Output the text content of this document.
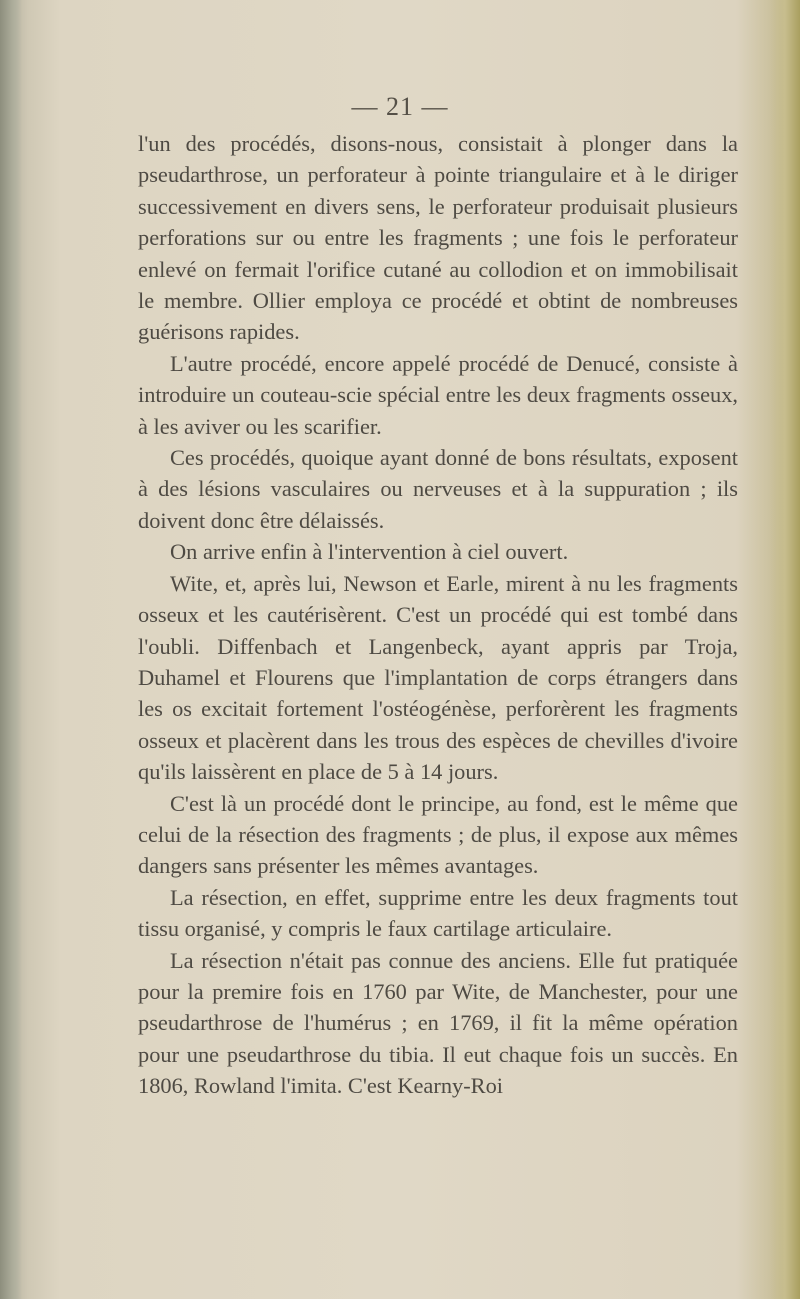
— 21 —

l'un des procédés, disons-nous, consistait à plonger dans la pseudarthrose, un perforateur à pointe triangulaire et à le diriger successivement en divers sens, le perforateur produisait plusieurs perforations sur ou entre les fragments ; une fois le perforateur enlevé on fermait l'orifice cutané au collodion et on immobilisait le membre. Ollier employa ce procédé et obtint de nombreuses guérisons rapides.

L'autre procédé, encore appelé procédé de Denucé, consiste à introduire un couteau-scie spécial entre les deux fragments osseux, à les aviver ou les scarifier.

Ces procédés, quoique ayant donné de bons résultats, exposent à des lésions vasculaires ou nerveuses et à la suppuration ; ils doivent donc être délaissés.

On arrive enfin à l'intervention à ciel ouvert.

Wite, et, après lui, Newson et Earle, mirent à nu les fragments osseux et les cautérisèrent. C'est un procédé qui est tombé dans l'oubli. Diffenbach et Langenbeck, ayant appris par Troja, Duhamel et Flourens que l'implantation de corps étrangers dans les os excitait fortement l'ostéogénèse, perforèrent les fragments osseux et placèrent dans les trous des espèces de chevilles d'ivoire qu'ils laissèrent en place de 5 à 14 jours.

C'est là un procédé dont le principe, au fond, est le même que celui de la résection des fragments ; de plus, il expose aux mêmes dangers sans présenter les mêmes avantages.

La résection, en effet, supprime entre les deux fragments tout tissu organisé, y compris le faux cartilage articulaire.

La résection n'était pas connue des anciens. Elle fut pratiquée pour la premire fois en 1760 par Wite, de Manchester, pour une pseudarthrose de l'humérus ; en 1769, il fit la même opération pour une pseudarthrose du tibia. Il eut chaque fois un succès. En 1806, Rowland l'imita. C'est Kearny-Roi
